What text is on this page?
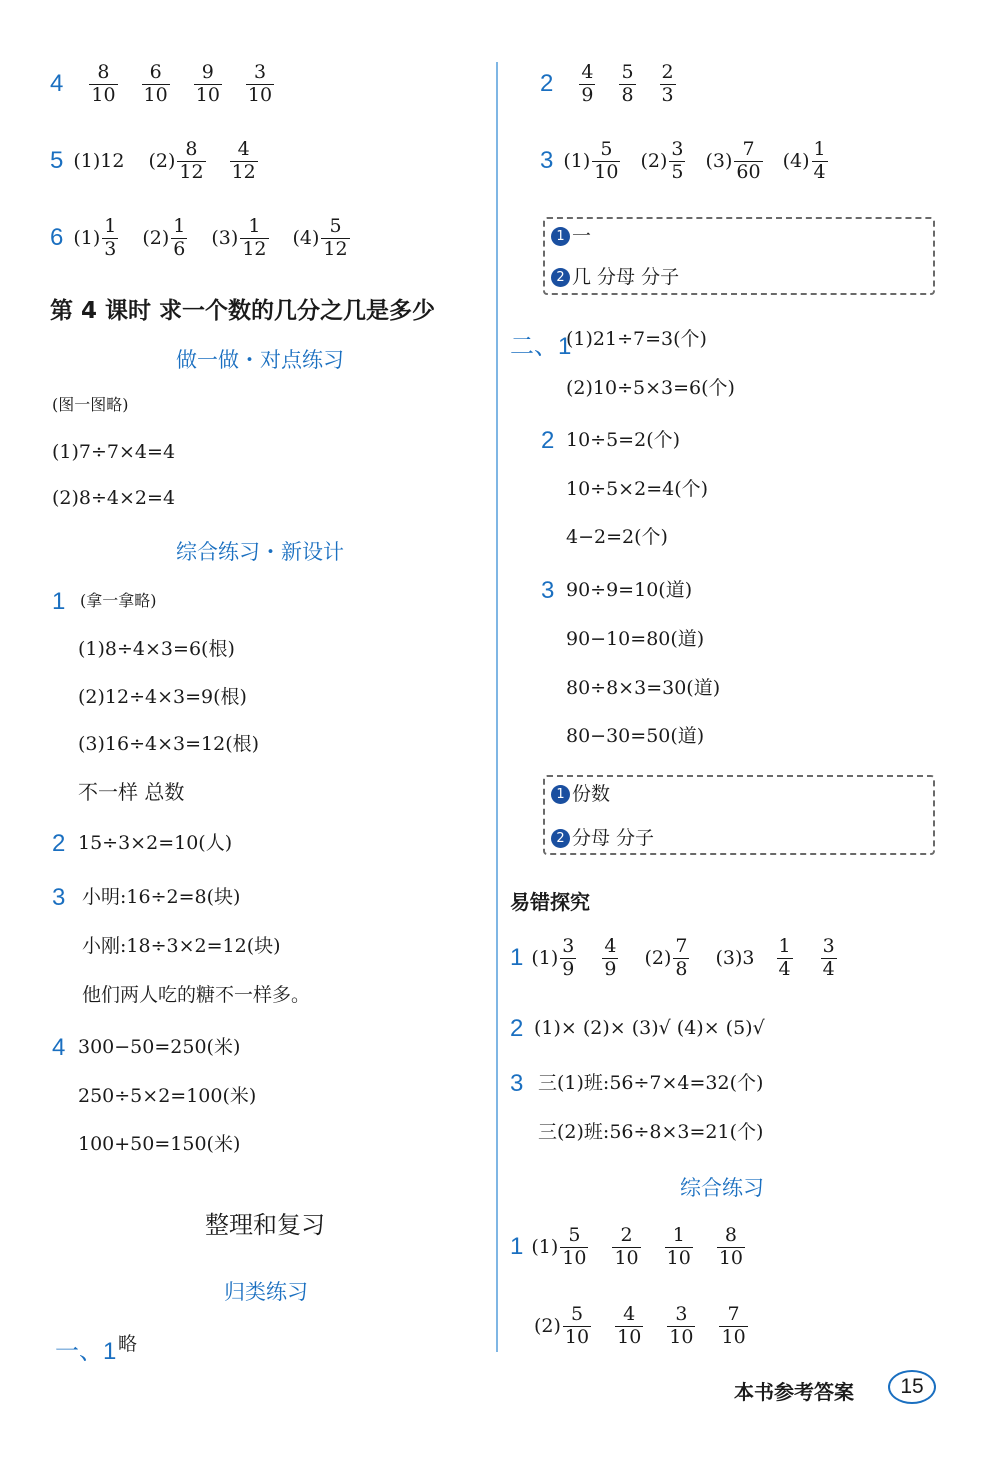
$4 \frac{8}{10} \frac{6}{10} \frac{9}{10} \frac{3}{10}$
5 (1)12 $(2) \frac{8}{12} \frac{4}{12}$
6 $(1) \frac{1}{3} (2) \frac{1}{6} (3) \frac{1}{12} (4) \frac{5}{12}$
第 4 课时 求一个数的几分之几是多少
做一做・对点练习
(图一图略)
(1)7÷7×4=4
(2)8÷4×2=4
综合练习・新设计
1 (拿一拿略)
(1)8÷4×3=6(根)
(2)12÷4×3=9(根)
(3)16÷4×3=12(根)
不一样 总数
2 15÷3×2=10(人)
3 小明:16÷2=8(块)
小刚:18÷3×2=12(块)
他们两人吃的糖不一样多。
4 300−50=250(米)
250÷5×2=100(米)
100+50=150(米)
整理和复习
归类练习
一、1 略
$2 \frac{4}{9} \frac{5}{8} \frac{2}{3}$
3 $(1) \frac{5}{10} (2) \frac{3}{5} (3) \frac{7}{60} (4) \frac{1}{4}$
1 一
2 几 分母 分子
二、1
(1)21÷7=3(个)
(2)10÷5×3=6(个)
2 10÷5=2(个)
10÷5×2=4(个)
4−2=2(个)
3 90÷9=10(道)
90−10=80(道)
80÷8×3=30(道)
80−30=50(道)
1 份数
2 分母 分子
易错探究
1 $(1) \frac{3}{9} \frac{4}{9} (2) \frac{7}{8} (3)3 \frac{1}{4} \frac{3}{4}$
2 (1)× (2)× (3)√ (4)× (5)√
3 三(1)班:56÷7×4=32(个)
三(2)班:56÷8×3=21(个)
综合练习
1 $(1) \frac{5}{10} \frac{2}{10} \frac{1}{10} \frac{8}{10}$
$(2) \frac{5}{10} \frac{4}{10} \frac{3}{10} \frac{7}{10}$
本书参考答案	15
